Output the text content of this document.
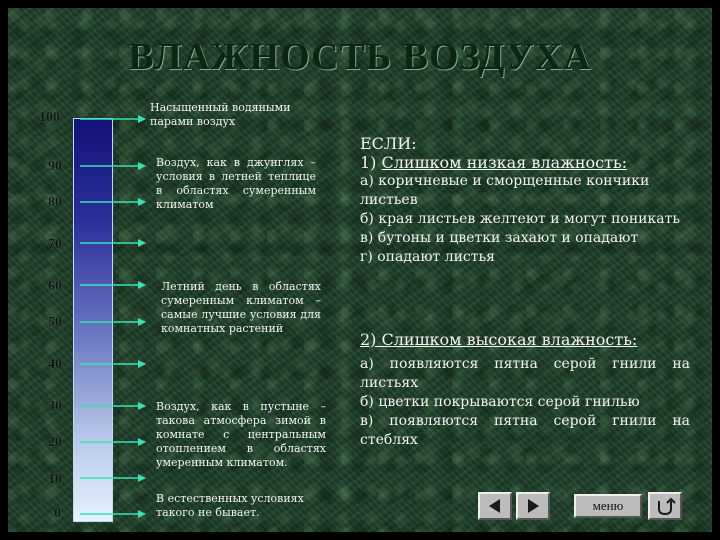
ВЛАЖНОСТЬ ВОЗДУХА
100
90
80
70
60
50
40
30
20
10
0
Насыщенный водяными парами воздух
Воздух, как в джунглях – условия в летней теплице в областях сумеренным климатом
Летний день в областях сумеренным климатом – самые лучшие условия для комнатных растений
Воздух, как в пустыне – такова атмосфера зимой в комнате с центральным отоплением в областях умеренным климатом.
В естественных условиях такого не бывает.
ЕСЛИ:
1) Слишком низкая влажность:
а) коричневые и сморщенные кончики листьев
б) края листьев желтеют и могут поникать
в) бутоны и цветки захают и опадают
г) опадают листья
2) Слишком высокая влажность:
а) появляются пятна серой гнили на листьях
б) цветки покрываются серой гнилью
в) появляются пятна серой гнили на стеблях
меню
